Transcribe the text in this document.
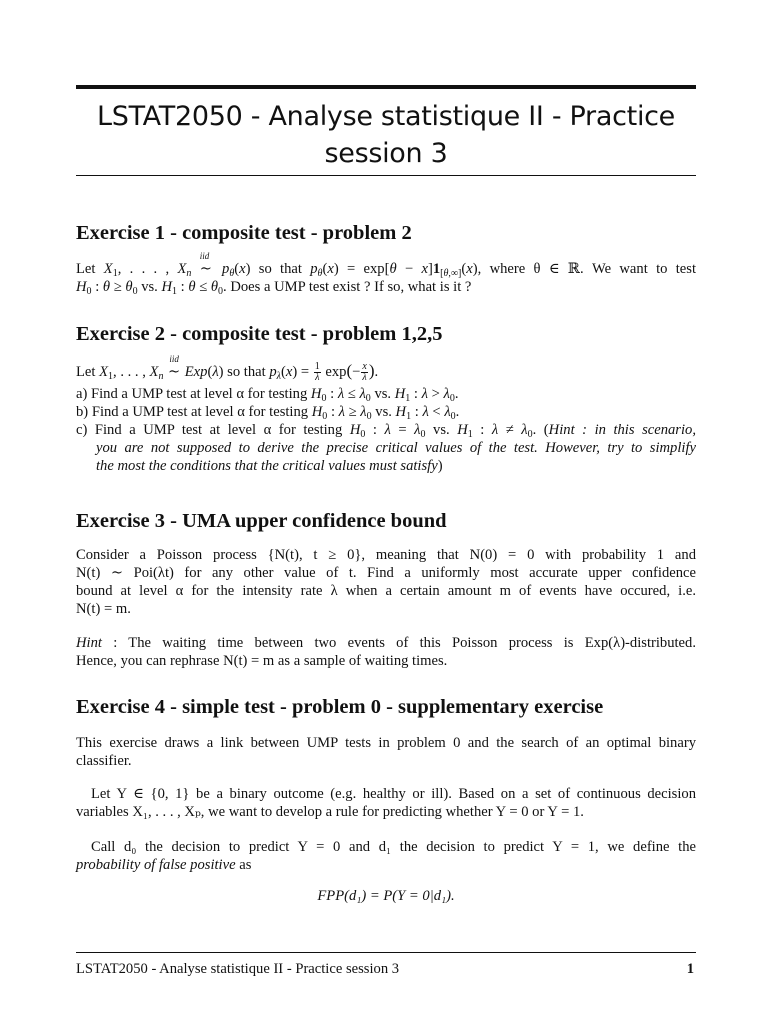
LSTAT2050 - Analyse statistique II - Practice
session 3
Exercise 1 - composite test - problem 2
Let $X_1$, . . . , $X_n$
iid
∼ $p_\theta(x)$ so that $p_\theta(x) = \exp[\theta - x]1_{[\theta,\infty]}(x)$, where θ ∈ ℝ. We want to test
$H_0$ : $\theta \ge \theta_0$ vs. $H_1$ : $\theta \le \theta_0$. Does a UMP test exist ? If so, what is it ?
Exercise 2 - composite test - problem 1,2,5
Let $X_1$, . . . , $X_n$
iid
∼ Exp(λ) so that $p_\lambda(x) = \frac{1}{\lambda} \exp(- \frac{x}{\lambda}$ ).
a) Find a UMP test at level α for testing $H_0$ : $\lambda \le \lambda_0$ vs. $H_1$ : $\lambda > \lambda_0$.
b) Find a UMP test at level α for testing $H_0$ : $\lambda \ge \lambda_0$ vs. $H_1$ : $\lambda < \lambda_0$.
c) Find a UMP test at level α for testing $H_0$ : $\lambda = \lambda_0$ vs. $H_1$ : $\lambda \ne \lambda_0$. (Hint : in this scenario,
you are not supposed to derive the precise critical values of the test. However, try to simplify
the most the conditions that the critical values must satisfy)
Exercise 3 - UMA upper confidence bound
Consider a Poisson process {N(t), t ≥ 0}, meaning that N(0) = 0 with probability 1 and
N(t) ∼ Poi(λt) for any other value of t. Find a uniformly most accurate upper confidence
bound at level α for the intensity rate λ when a certain amount m of events have occured, i.e.
N(t) = m.
Hint : The waiting time between two events of this Poisson process is Exp(λ)-distributed.
Hence, you can rephrase N(t) = m as a sample of waiting times.
Exercise 4 - simple test - problem 0 - supplementary exercise
This exercise draws a link between UMP tests in problem 0 and the search of an optimal binary
classifier.
Let Y ∈ {0, 1} be a binary outcome (e.g. healthy or ill). Based on a set of continuous decision
variables X₁, . . . , Xₚ, we want to develop a rule for predicting whether Y = 0 or Y = 1.
Call d₀ the decision to predict Y = 0 and d₁ the decision to predict Y = 1, we define the
probability of false positive as
FPP(d₁) = P(Y = 0|d₁).
LSTAT2050 - Analyse statistique II - Practice session 3	1
